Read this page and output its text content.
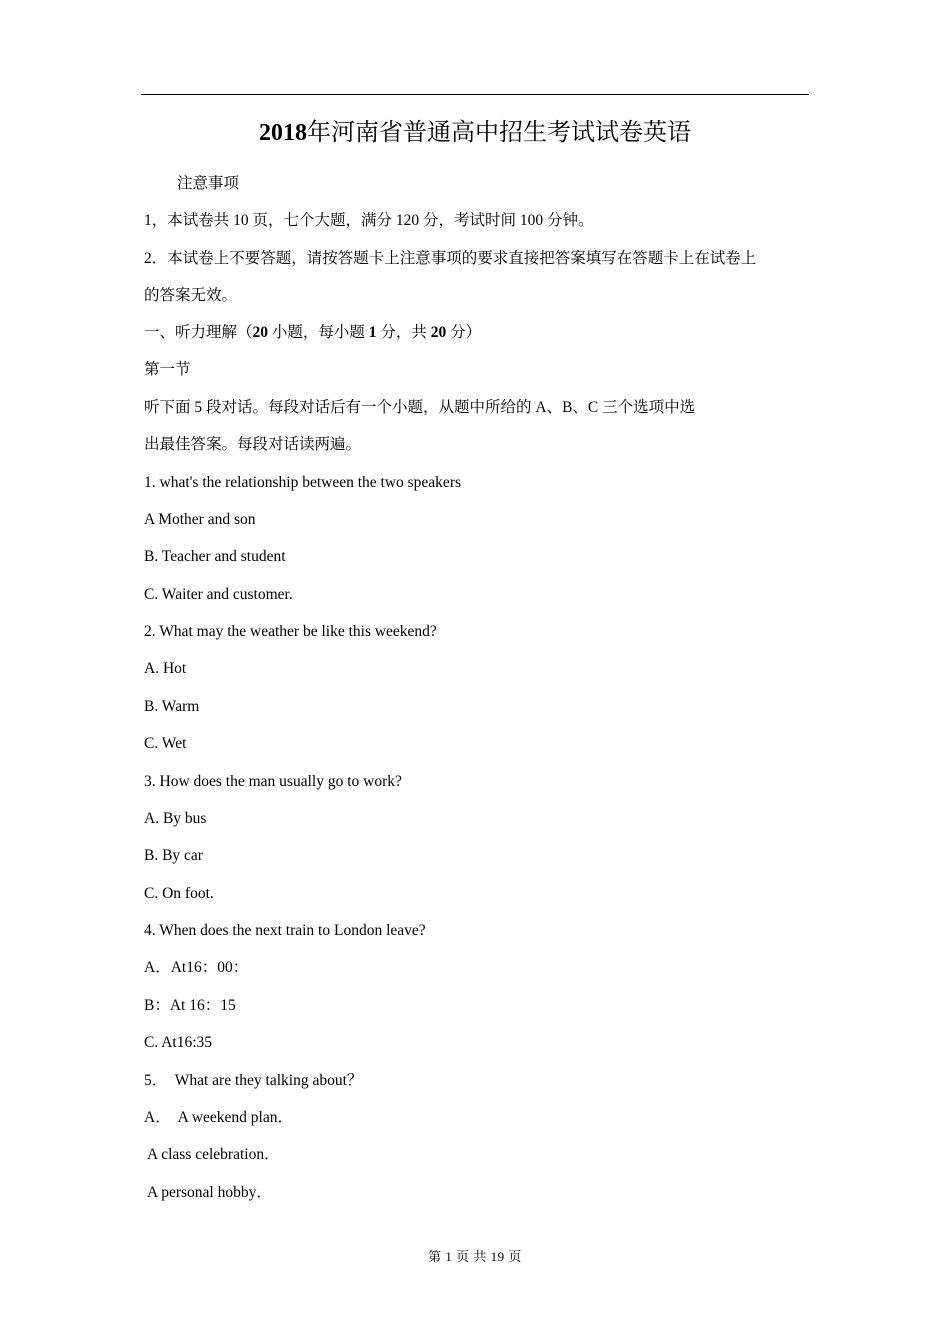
2018年河南省普通高中招生考试试卷英语
注意事项
1，本试卷共 10 页，七个大题，满分 120 分，考试时间 100 分钟。
2．本试卷上不要答题，请按答题卡上注意事项的要求直接把答案填写在答题卡上在试卷上
的答案无效。
一、听力理解（20 小题，每小题 1 分，共 20 分）
第一节
听下面 5 段对话。每段对话后有一个小题，从题中所给的 A、B、C 三个选项中选
出最佳答案。每段对话读两遍。
1. what's the relationship between the two speakers
A Mother and son
B. Teacher and student
C. Waiter and customer.
2. What may the weather be like this weekend?
A. Hot
B. Warm
C. Wet
3. How does the man usually go to work?
A. By bus
B. By car
C. On foot.
4. When does the next train to London leave?
A．At16：00：
B：At 16：15
C. At16:35
5．  What are they talking about？
A．  A weekend plan．
A class celebration．
A personal hobby．
第 1 页 共 19 页
